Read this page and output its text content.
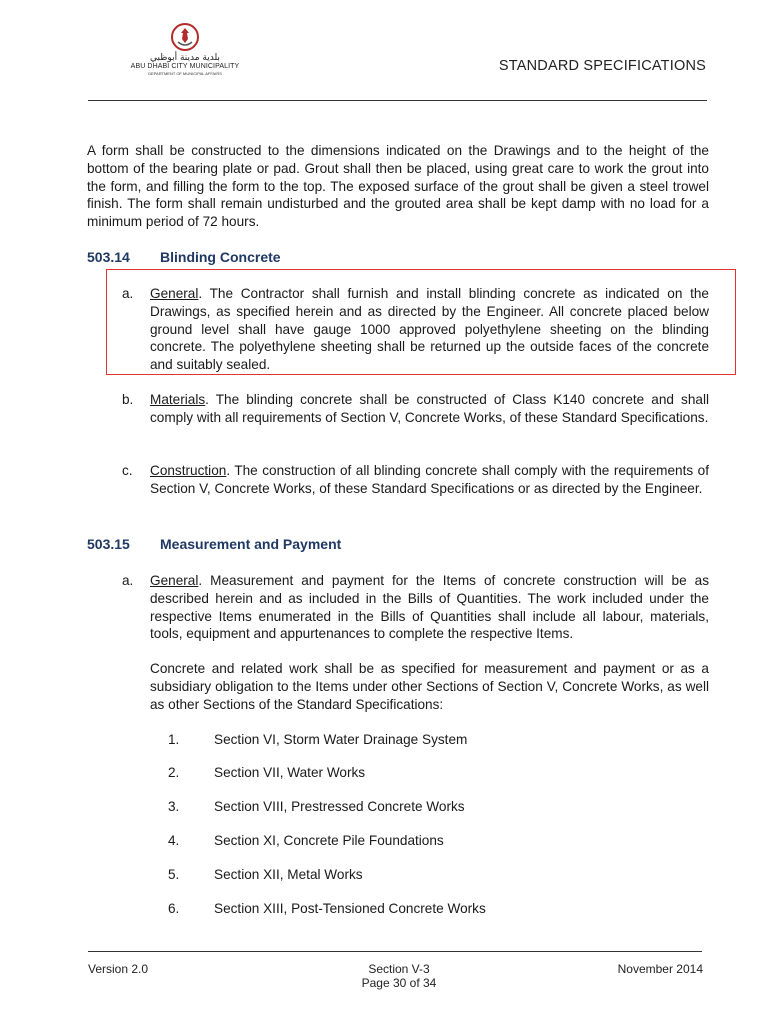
بلدية مدينة أبوظبي
ABU DHABI CITY MUNICIPALITY
DEPARTMENT OF MUNICIPAL AFFAIRS	STANDARD SPECIFICATIONS

A form shall be constructed to the dimensions indicated on the Drawings and to the height of the bottom of the bearing plate or pad. Grout shall then be placed, using great care to work the grout into the form, and filling the form to the top. The exposed surface of the grout shall be given a steel trowel finish. The form shall remain undisturbed and the grouted area shall be kept damp with no load for a minimum period of 72 hours.

503.14 Blinding Concrete
a. General. The Contractor shall furnish and install blinding concrete as indicated on the Drawings, as specified herein and as directed by the Engineer. All concrete placed below ground level shall have gauge 1000 approved polyethylene sheeting on the blinding concrete. The polyethylene sheeting shall be returned up the outside faces of the concrete and suitably sealed.

b. Materials. The blinding concrete shall be constructed of Class K140 concrete and shall comply with all requirements of Section V, Concrete Works, of these Standard Specifications.

c. Construction. The construction of all blinding concrete shall comply with the requirements of Section V, Concrete Works, of these Standard Specifications or as directed by the Engineer.

503.15 Measurement and Payment
a. General. Measurement and payment for the Items of concrete construction will be as described herein and as included in the Bills of Quantities. The work included under the respective Items enumerated in the Bills of Quantities shall include all labour, materials, tools, equipment and appurtenances to complete the respective Items.

Concrete and related work shall be as specified for measurement and payment or as a subsidiary obligation to the Items under other Sections of Section V, Concrete Works, as well as other Sections of the Standard Specifications:

1.	Section VI, Storm Water Drainage System
2.	Section VII, Water Works
3.	Section VIII, Prestressed Concrete Works
4.	Section XI, Concrete Pile Foundations
5.	Section XII, Metal Works
6.	Section XIII, Post-Tensioned Concrete Works
Version 2.0	Section V-3
Page 30 of 34
November 2014
